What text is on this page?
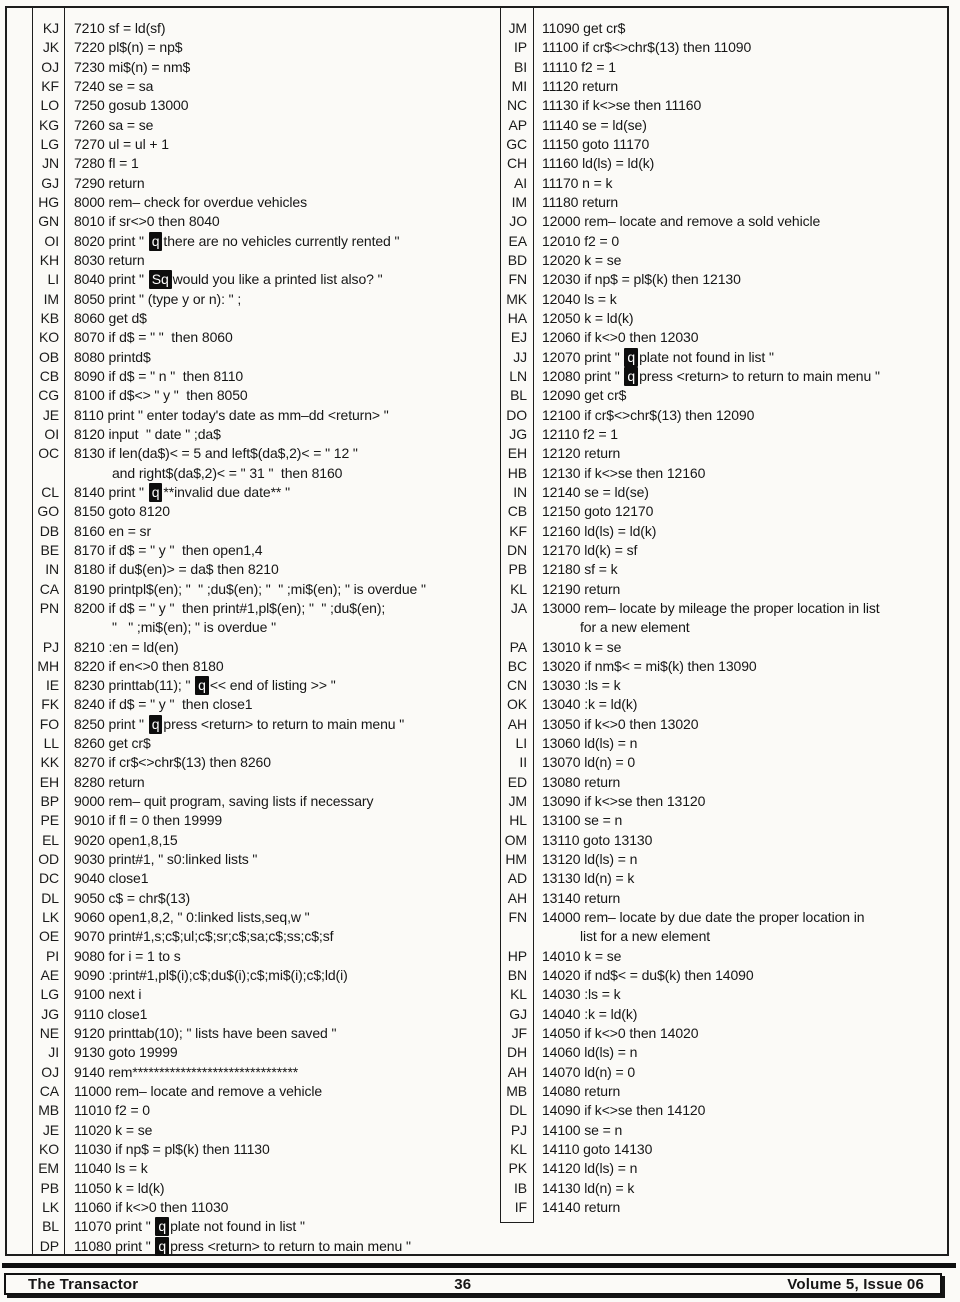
KJ	7210 sf = ld(sf)
JK	7220 pl$(n) = np$
OJ	7230 mi$(n) = nm$
KF	7240 se = sa
LO	7250 gosub 13000
KG	7260 sa = se
LG	7270 ul = ul + 1
JN	7280 fl = 1
GJ	7290 return
HG	8000 rem– check for overdue vehicles
GN	8010 if sr<>0 then 8040
OI	8020 print " q there are no vehicles currently rented "
KH	8030 return
LI	8040 print " Sq would you like a printed list also? "
IM	8050 print " (type y or n): " ;
KB	8060 get d$
KO	8070 if d$ = " "  then 8060
OB	8080 printd$
CB	8090 if d$ = " n "  then 8110
CG	8100 if d$<> " y "  then 8050
JE	8110 print " enter today's date as mm–dd <return> "
OI	8120 input  " date " ;da$
OC	8130 if len(da$)< = 5 and left$(da$,2)< = " 12 "
and right$(da$,2)< = " 31 "  then 8160
CL	8140 print " q **invalid due date** "
GO	8150 goto 8120
DB	8160 en = sr
BE	8170 if d$ = " y "  then open1,4
IN	8180 if du$(en)> = da$ then 8210
CA	8190 printpl$(en); "  " ;du$(en); "  " ;mi$(en); " is overdue "
PN	8200 if d$ = " y "  then print#1,pl$(en); "  " ;du$(en);
"   " ;mi$(en); " is overdue "
PJ	8210 :en = ld(en)
MH	8220 if en<>0 then 8180
IE	8230 printtab(11); " q << end of listing >> "
FK	8240 if d$ = " y "  then close1
FO	8250 print " q press <return> to return to main menu "
LL	8260 get cr$
KK	8270 if cr$<>chr$(13) then 8260
EH	8280 return
BP	9000 rem– quit program, saving lists if necessary
PE	9010 if fl = 0 then 19999
EL	9020 open1,8,15
OD	9030 print#1, " s0:linked lists "
DC	9040 close1
DL	9050 c$ = chr$(13)
LK	9060 open1,8,2, " 0:linked lists,seq,w "
OE	9070 print#1,s;c$;ul;c$;sr;c$;sa;c$;ss;c$;sf
PI	9080 for i = 1 to s
AE	9090 :print#1,pl$(i);c$;du$(i);c$;mi$(i);c$;ld(i)
LG	9100 next i
JG	9110 close1
NE	9120 printtab(10); " lists have been saved "
JI	9130 goto 19999
OJ	9140 rem*******************************
CA	11000 rem– locate and remove a vehicle
MB	11010 f2 = 0
JE	11020 k = se
KO	11030 if np$ = pl$(k) then 11130
EM	11040 ls = k
PB	11050 k = ld(k)
LK	11060 if k<>0 then 11030
BL	11070 print " q plate not found in list "
DP	11080 print " q press <return> to return to main menu "
JM	11090 get cr$
IP	11100 if cr$<>chr$(13) then 11090
BI	11110 f2 = 1
MI	11120 return
NC	11130 if k<>se then 11160
AP	11140 se = ld(se)
GC	11150 goto 11170
CH	11160 ld(ls) = ld(k)
AI	11170 n = k
IM	11180 return
JO	12000 rem– locate and remove a sold vehicle
EA	12010 f2 = 0
BD	12020 k = se
FN	12030 if np$ = pl$(k) then 12130
MK	12040 ls = k
HA	12050 k = ld(k)
EJ	12060 if k<>0 then 12030
JJ	12070 print " q plate not found in list "
LN	12080 print " q press <return> to return to main menu "
BL	12090 get cr$
DO	12100 if cr$<>chr$(13) then 12090
JG	12110 f2 = 1
EH	12120 return
HB	12130 if k<>se then 12160
IN	12140 se = ld(se)
CB	12150 goto 12170
KF	12160 ld(ls) = ld(k)
DN	12170 ld(k) = sf
PB	12180 sf = k
KL	12190 return
JA	13000 rem– locate by mileage the proper location in list
for a new element
PA	13010 k = se
BC	13020 if nm$< = mi$(k) then 13090
CN	13030 :ls = k
OK	13040 :k = ld(k)
AH	13050 if k<>0 then 13020
LI	13060 ld(ls) = n
II	13070 ld(n) = 0
ED	13080 return
JM	13090 if k<>se then 13120
HL	13100 se = n
OM	13110 goto 13130
HM	13120 ld(ls) = n
AD	13130 ld(n) = k
AH	13140 return
FN	14000 rem– locate by due date the proper location in
list for a new element
HP	14010 k = se
BN	14020 if nd$< = du$(k) then 14090
KL	14030 :ls = k
GJ	14040 :k = ld(k)
JF	14050 if k<>0 then 14020
DH	14060 ld(ls) = n
AH	14070 ld(n) = 0
MB	14080 return
DL	14090 if k<>se then 14120
PJ	14100 se = n
KL	14110 goto 14130
PK	14120 ld(ls) = n
IB	14130 ld(n) = k
IF	14140 return
The Transactor	36	Volume 5, Issue 06
